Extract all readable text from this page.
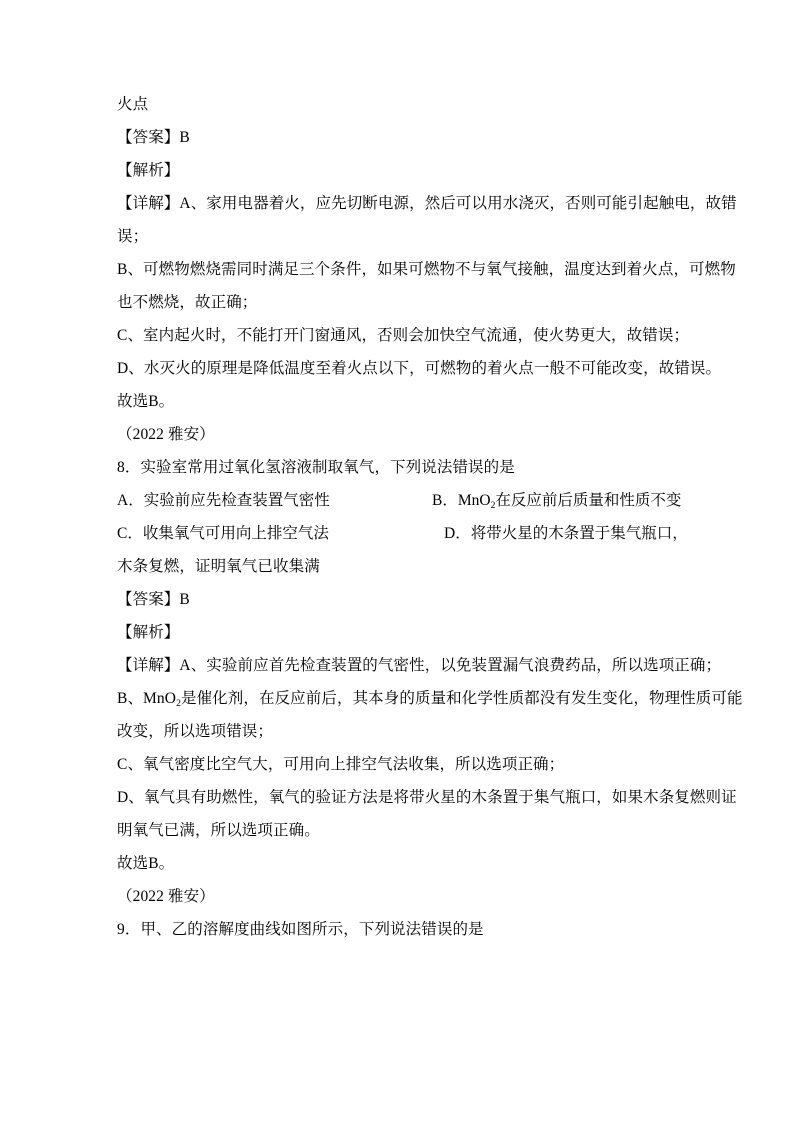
火点
【答案】B
【解析】
【详解】A、家用电器着火，应先切断电源，然后可以用水浇灭，否则可能引起触电，故错
误；
B、可燃物燃烧需同时满足三个条件，如果可燃物不与氧气接触，温度达到着火点，可燃物
也不燃烧，故正确；
C、室内起火时，不能打开门窗通风，否则会加快空气流通，使火势更大，故错误；
D、水灭火的原理是降低温度至着火点以下，可燃物的着火点一般不可能改变，故错误。
故选B。
（2022 雅安）
8．实验室常用过氧化氢溶液制取氧气，下列说法错误的是
A．实验前应先检查装置气密性	B．MnO$_2$在反应前后质量和性质不变
C．收集氧气可用向上排空气法	D．将带火星的木条置于集气瓶口，
木条复燃，证明氧气已收集满
【答案】B
【解析】
【详解】A、实验前应首先检查装置的气密性，以免装置漏气浪费药品，所以选项正确；
B、MnO$_2$是催化剂，在反应前后，其本身的质量和化学性质都没有发生变化，物理性质可能
改变，所以选项错误；
C、氧气密度比空气大，可用向上排空气法收集，所以选项正确；
D、氧气具有助燃性，氧气的验证方法是将带火星的木条置于集气瓶口，如果木条复燃则证
明氧气已满，所以选项正确。
故选B。
（2022 雅安）
9．甲、乙的溶解度曲线如图所示，下列说法错误的是
